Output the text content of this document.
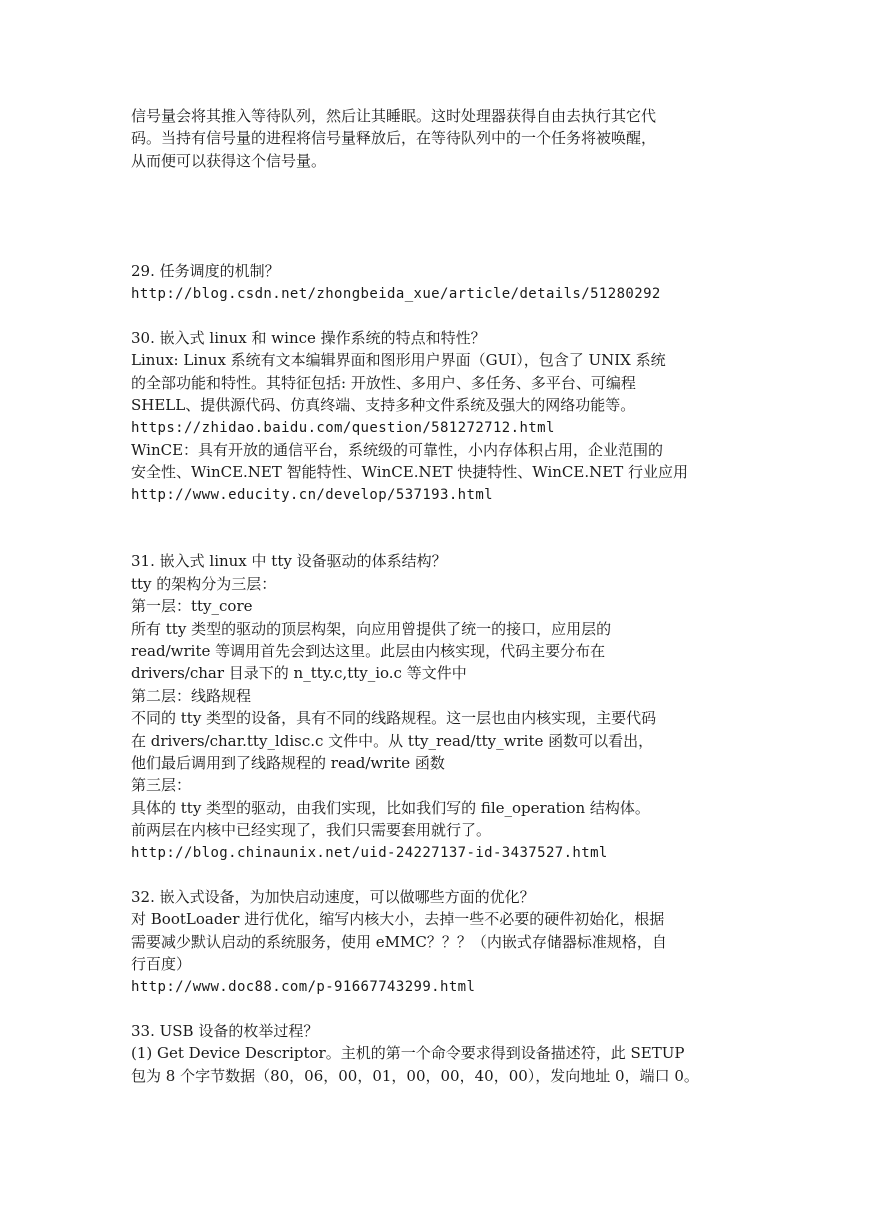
信号量会将其推入等待队列，然后让其睡眠。这时处理器获得自由去执行其它代
码。当持有信号量的进程将信号量释放后，在等待队列中的一个任务将被唤醒，
从而便可以获得这个信号量。
29. 任务调度的机制？
http://blog.csdn.net/zhongbeida_xue/article/details/51280292
30. 嵌入式 linux 和 wince 操作系统的特点和特性？
Linux: Linux 系统有文本编辑界面和图形用户界面（GUI），包含了 UNIX 系统
的全部功能和特性。其特征包括: 开放性、多用户、多任务、多平台、可编程
SHELL、提供源代码、仿真终端、支持多种文件系统及强大的网络功能等。
https://zhidao.baidu.com/question/581272712.html
WinCE：具有开放的通信平台，系统级的可靠性，小内存体积占用，企业范围的
安全性、WinCE.NET 智能特性、WinCE.NET 快捷特性、WinCE.NET 行业应用
http://www.educity.cn/develop/537193.html
31. 嵌入式 linux 中 tty 设备驱动的体系结构？
tty 的架构分为三层：
第一层：tty_core
所有 tty 类型的驱动的顶层构架，向应用曾提供了统一的接口，应用层的
read/write 等调用首先会到达这里。此层由内核实现，代码主要分布在
drivers/char 目录下的 n_tty.c,tty_io.c 等文件中
第二层：线路规程
不同的 tty 类型的设备，具有不同的线路规程。这一层也由内核实现，主要代码
在 drivers/char.tty_ldisc.c 文件中。从 tty_read/tty_write 函数可以看出，
他们最后调用到了线路规程的 read/write 函数
第三层：
具体的 tty 类型的驱动，由我们实现，比如我们写的 file_operation 结构体。
前两层在内核中已经实现了，我们只需要套用就行了。
http://blog.chinaunix.net/uid-24227137-id-3437527.html
32. 嵌入式设备，为加快启动速度，可以做哪些方面的优化？
对 BootLoader 进行优化，缩写内核大小，去掉一些不必要的硬件初始化，根据
需要减少默认启动的系统服务，使用 eMMC？？？（内嵌式存储器标准规格，自
行百度）
http://www.doc88.com/p-91667743299.html
33. USB 设备的枚举过程？
(1) Get Device Descriptor。主机的第一个命令要求得到设备描述符，此 SETUP
包为 8 个字节数据（80，06，00，01，00，00，40，00），发向地址 0，端口 0。
